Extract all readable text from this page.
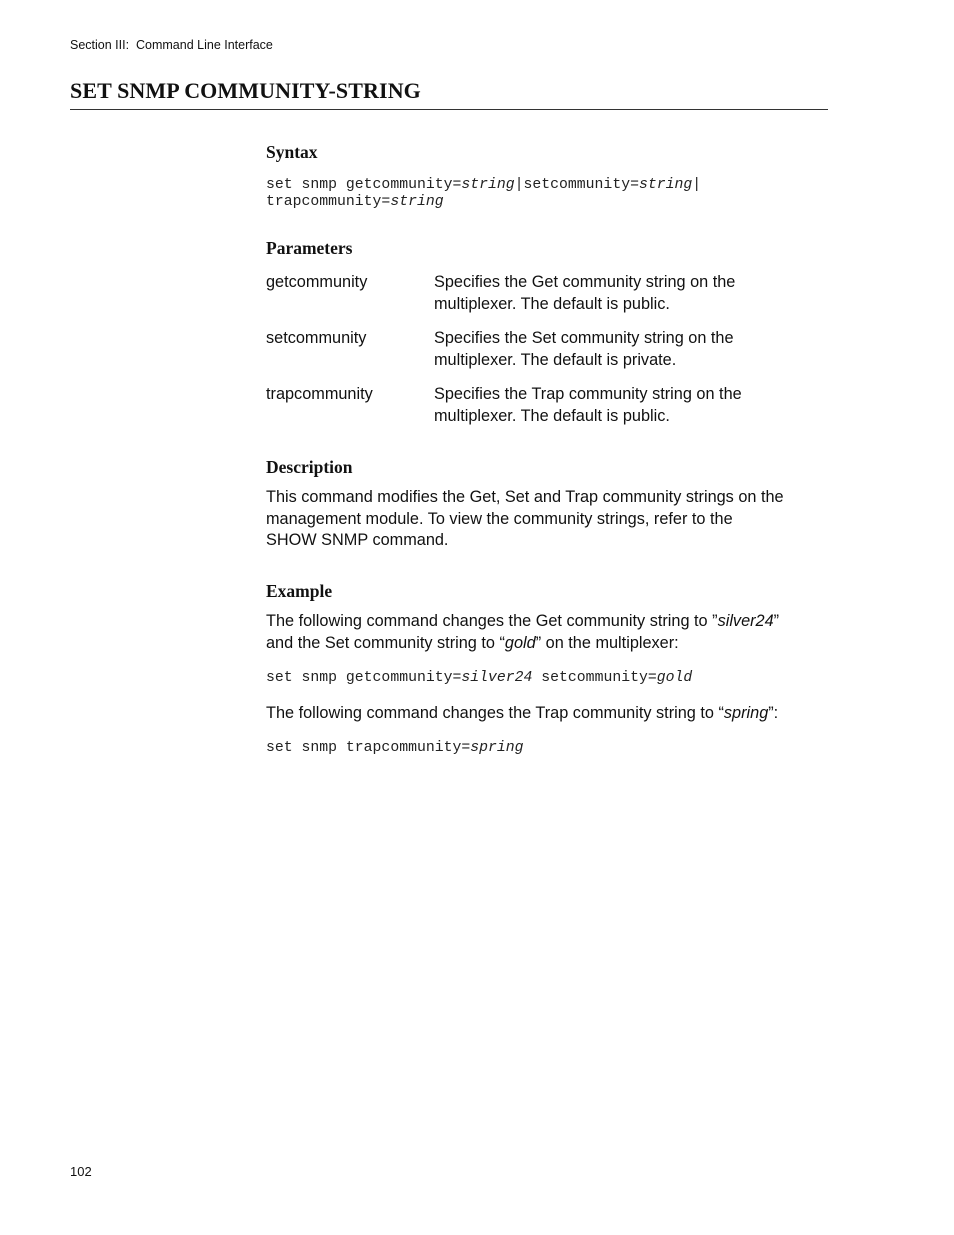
Section III:  Command Line Interface
SET SNMP COMMUNITY-STRING
Syntax
set snmp getcommunity=string|setcommunity=string|
trapcommunity=string
Parameters
getcommunity	Specifies the Get community string on the
multiplexer. The default is public.
setcommunity	Specifies the Set community string on the
multiplexer. The default is private.
trapcommunity	Specifies the Trap community string on the
multiplexer. The default is public.
Description
This command modifies the Get, Set and Trap community strings on the
management module. To view the community strings, refer to the
SHOW SNMP command.
Example
The following command changes the Get community string to ”silver24”
and the Set community string to “gold” on the multiplexer:
set snmp getcommunity=silver24 setcommunity=gold
The following command changes the Trap community string to “spring”:
set snmp trapcommunity=spring
102
